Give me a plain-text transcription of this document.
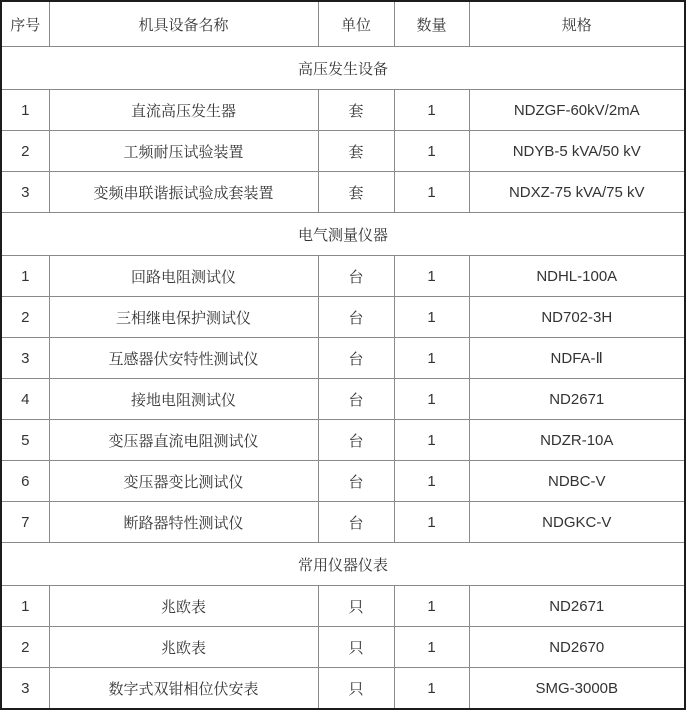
序号	机具设备名称	单位	数量	规格
高压发生设备				
1	直流高压发生器	套	1	NDZGF-60kV/2mA
2	工频耐压试验装置	套	1	NDYB-5 kVA/50 kV
3	变频串联谐振试验成套装置	套	1	NDXZ-75 kVA/75 kV
电气测量仪器				
1	回路电阻测试仪	台	1	NDHL-100A
2	三相继电保护测试仪	台	1	ND702-3H
3	互感器伏安特性测试仪	台	1	NDFA-Ⅱ
4	接地电阻测试仪	台	1	ND2671
5	变压器直流电阻测试仪	台	1	NDZR-10A
6	变压器变比测试仪	台	1	NDBC-V
7	断路器特性测试仪	台	1	NDGKC-V
常用仪器仪表				
1	兆欧表	只	1	ND2671
2	兆欧表	只	1	ND2670
3	数字式双钳相位伏安表	只	1	SMG-3000B
